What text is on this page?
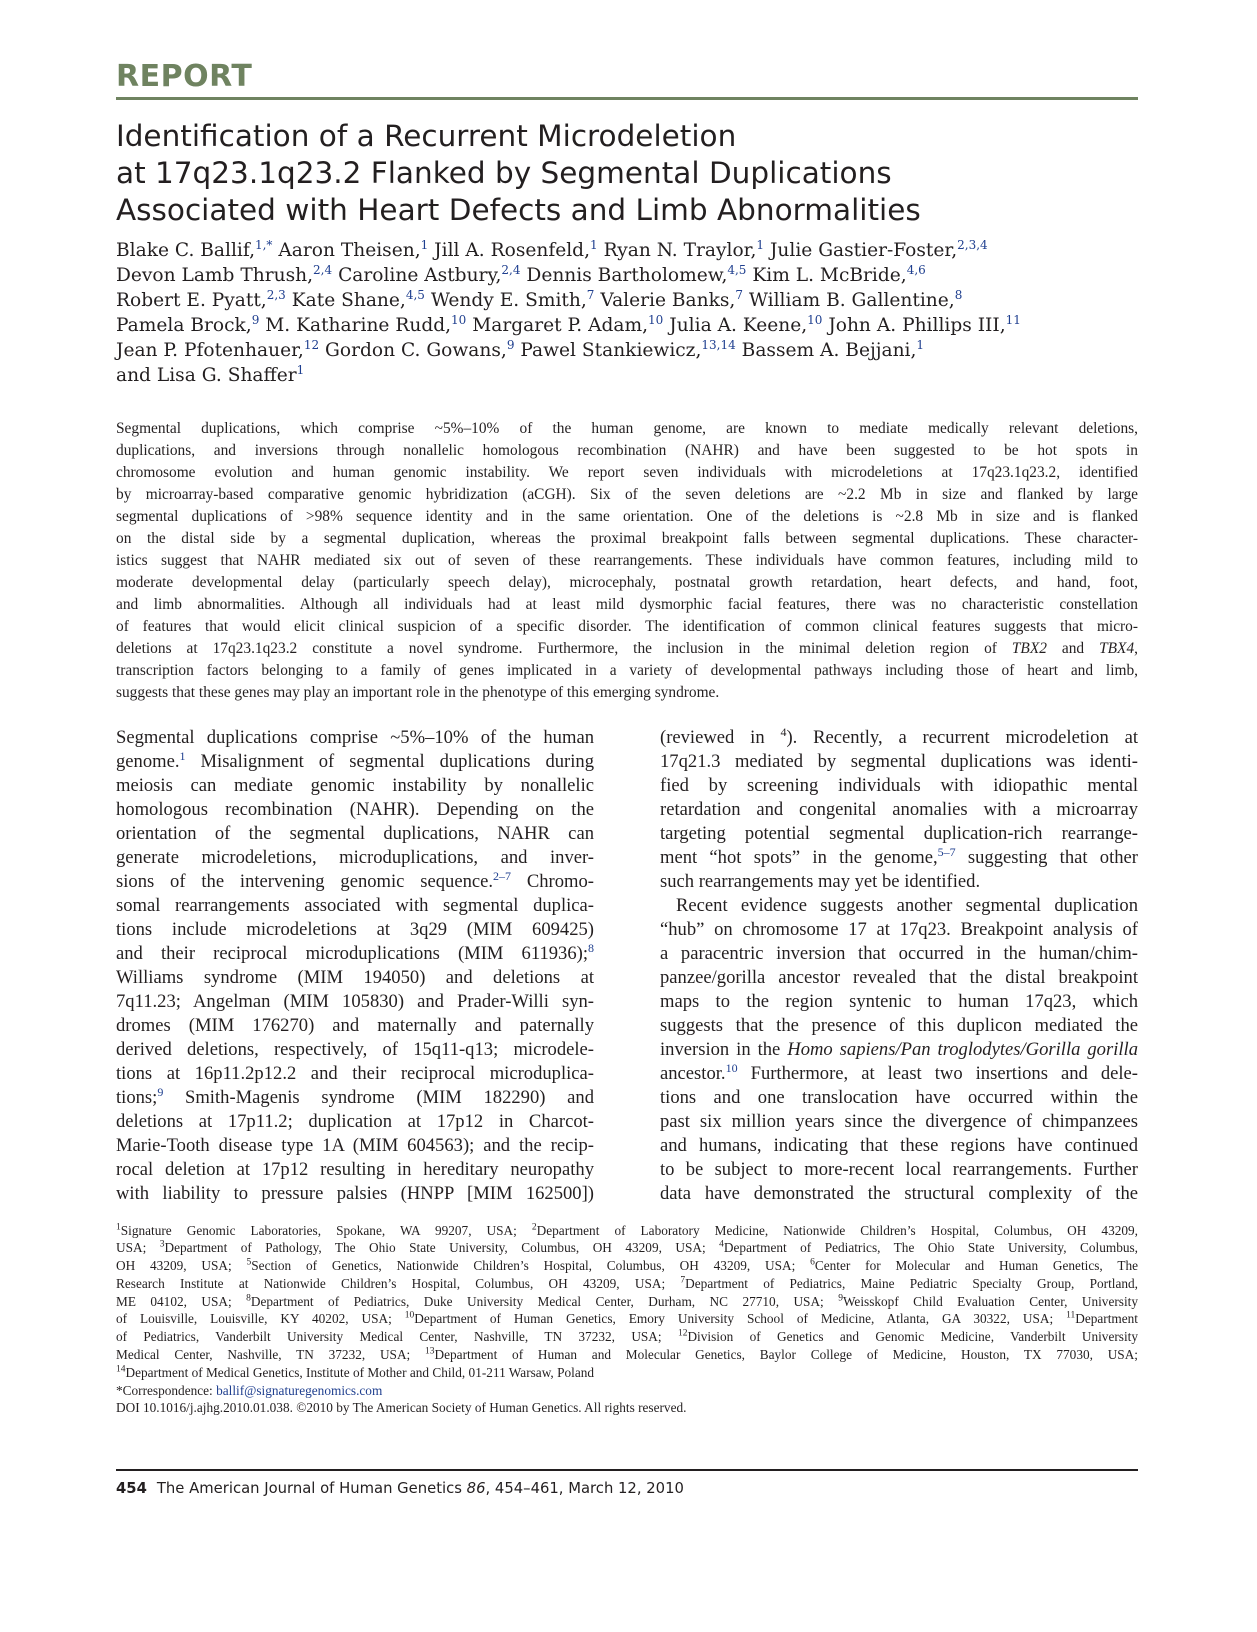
REPORT
Identification of a Recurrent Microdeletion
at 17q23.1q23.2 Flanked by Segmental Duplications
Associated with Heart Defects and Limb Abnormalities
Blake C. Ballif,$^{1,*}$ Aaron Theisen,$^1$ Jill A. Rosenfeld,$^1$ Ryan N. Traylor,$^1$ Julie Gastier-Foster,$^{2,3,4}$
Devon Lamb Thrush,$^{2,4}$ Caroline Astbury,$^{2,4}$ Dennis Bartholomew,$^{4,5}$ Kim L. McBride,$^{4,6}$
Robert E. Pyatt,$^{2,3}$ Kate Shane,$^{4,5}$ Wendy E. Smith,$^7$ Valerie Banks,$^7$ William B. Gallentine,$^8$
Pamela Brock,$^9$ M. Katharine Rudd,$^{10}$ Margaret P. Adam,$^{10}$ Julia A. Keene,$^{10}$ John A. Phillips III,$^{11}$
Jean P. Pfotenhauer,$^{12}$ Gordon C. Gowans,$^9$ Pawel Stankiewicz,$^{13,14}$ Bassem A. Bejjani,$^1$
and Lisa G. Shaffer$^1$
Segmental duplications, which comprise ~5%–10% of the human genome, are known to mediate medically relevant deletions,
duplications, and inversions through nonallelic homologous recombination (NAHR) and have been suggested to be hot spots in
chromosome evolution and human genomic instability. We report seven individuals with microdeletions at 17q23.1q23.2, identified
by microarray-based comparative genomic hybridization (aCGH). Six of the seven deletions are ~2.2 Mb in size and flanked by large
segmental duplications of >98% sequence identity and in the same orientation. One of the deletions is ~2.8 Mb in size and is flanked
on the distal side by a segmental duplication, whereas the proximal breakpoint falls between segmental duplications. These character-
istics suggest that NAHR mediated six out of seven of these rearrangements. These individuals have common features, including mild to
moderate developmental delay (particularly speech delay), microcephaly, postnatal growth retardation, heart defects, and hand, foot,
and limb abnormalities. Although all individuals had at least mild dysmorphic facial features, there was no characteristic constellation
of features that would elicit clinical suspicion of a specific disorder. The identification of common clinical features suggests that micro-
deletions at 17q23.1q23.2 constitute a novel syndrome. Furthermore, the inclusion in the minimal deletion region of TBX2 and TBX4,
transcription factors belonging to a family of genes implicated in a variety of developmental pathways including those of heart and limb,
suggests that these genes may play an important role in the phenotype of this emerging syndrome.
Segmental duplications comprise ~5%–10% of the human
genome.$^1$ Misalignment of segmental duplications during
meiosis can mediate genomic instability by nonallelic
homologous recombination (NAHR). Depending on the
orientation of the segmental duplications, NAHR can
generate microdeletions, microduplications, and inver-
sions of the intervening genomic sequence.$^{2-7}$ Chromo-
somal rearrangements associated with segmental duplica-
tions include microdeletions at 3q29 (MIM 609425)
and their reciprocal microduplications (MIM 611936);$^8$
Williams syndrome (MIM 194050) and deletions at
7q11.23; Angelman (MIM 105830) and Prader-Willi syn-
dromes (MIM 176270) and maternally and paternally
derived deletions, respectively, of 15q11-q13; microdele-
tions at 16p11.2p12.2 and their reciprocal microduplica-
tions;$^9$ Smith-Magenis syndrome (MIM 182290) and
deletions at 17p11.2; duplication at 17p12 in Charcot-
Marie-Tooth disease type 1A (MIM 604563); and the recip-
rocal deletion at 17p12 resulting in hereditary neuropathy
with liability to pressure palsies (HNPP [MIM 162500])
(reviewed in $^4$). Recently, a recurrent microdeletion at
17q21.3 mediated by segmental duplications was identi-
fied by screening individuals with idiopathic mental
retardation and congenital anomalies with a microarray
targeting potential segmental duplication-rich rearrange-
ment “hot spots” in the genome,$^{5-7}$ suggesting that other
such rearrangements may yet be identified.
Recent evidence suggests another segmental duplication
“hub” on chromosome 17 at 17q23. Breakpoint analysis of
a paracentric inversion that occurred in the human/chim-
panzee/gorilla ancestor revealed that the distal breakpoint
maps to the region syntenic to human 17q23, which
suggests that the presence of this duplicon mediated the
inversion in the Homo sapiens/Pan troglodytes/Gorilla gorilla
ancestor.$^{10}$ Furthermore, at least two insertions and dele-
tions and one translocation have occurred within the
past six million years since the divergence of chimpanzees
and humans, indicating that these regions have continued
to be subject to more-recent local rearrangements. Further
data have demonstrated the structural complexity of the
$^1$Signature Genomic Laboratories, Spokane, WA 99207, USA; $^2$Department of Laboratory Medicine, Nationwide Children’s Hospital, Columbus, OH 43209,
USA; $^3$Department of Pathology, The Ohio State University, Columbus, OH 43209, USA; $^4$Department of Pediatrics, The Ohio State University, Columbus,
OH 43209, USA; $^5$Section of Genetics, Nationwide Children’s Hospital, Columbus, OH 43209, USA; $^6$Center for Molecular and Human Genetics, The
Research Institute at Nationwide Children’s Hospital, Columbus, OH 43209, USA; $^7$Department of Pediatrics, Maine Pediatric Specialty Group, Portland,
ME 04102, USA; $^8$Department of Pediatrics, Duke University Medical Center, Durham, NC 27710, USA; $^9$Weisskopf Child Evaluation Center, University
of Louisville, Louisville, KY 40202, USA; $^{10}$Department of Human Genetics, Emory University School of Medicine, Atlanta, GA 30322, USA; $^{11}$Department
of Pediatrics, Vanderbilt University Medical Center, Nashville, TN 37232, USA; $^{12}$Division of Genetics and Genomic Medicine, Vanderbilt University
Medical Center, Nashville, TN 37232, USA; $^{13}$Department of Human and Molecular Genetics, Baylor College of Medicine, Houston, TX 77030, USA;
$^{14}$Department of Medical Genetics, Institute of Mother and Child, 01-211 Warsaw, Poland
*Correspondence: ballif@signaturegenomics.com
DOI 10.1016/j.ajhg.2010.01.038. ©2010 by The American Society of Human Genetics. All rights reserved.
454 The American Journal of Human Genetics 86, 454–461, March 12, 2010
